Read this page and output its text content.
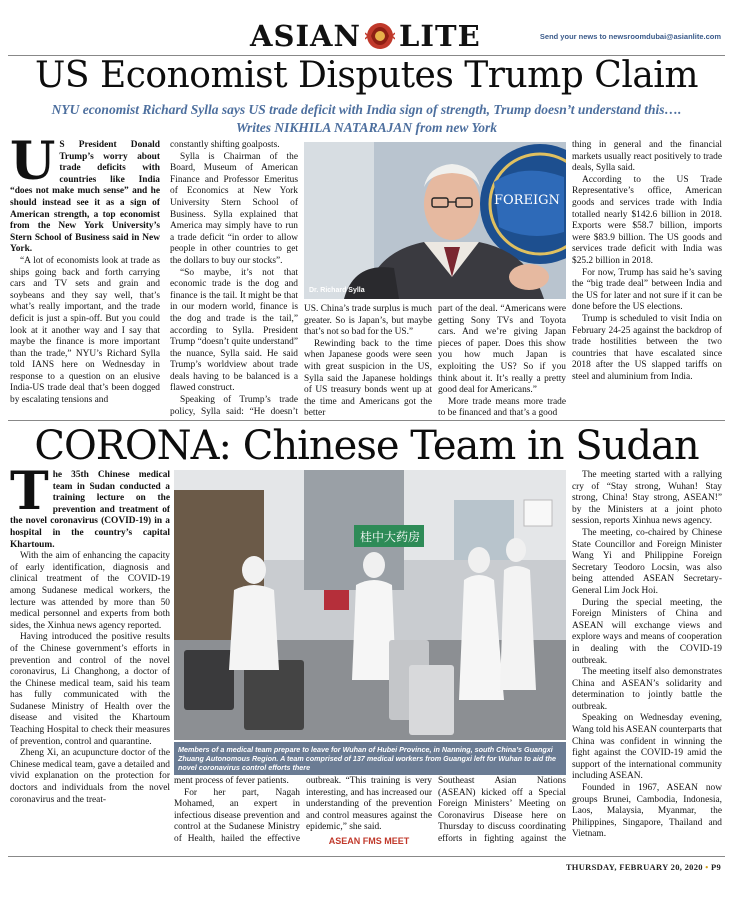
ASIAN LITE	Send your news to newsroomdubai@asianlite.com
US Economist Disputes Trump Claim
NYU economist Richard Sylla says US trade deficit with India sign of strength, Trump doesn’t understand this…. Writes NIKHILA NATARAJAN from new York

U S President Donald Trump’s worry about trade deficits with countries like India “does not make much sense” and he should instead see it as a sign of American strength, a top economist from the New York University’s Stern School of Business said in New York.

“A lot of economists look at trade as ships going back and forth carrying cars and TV sets and grain and soybeans and they say well, that’s what’s really important, and the trade deficit is just a spin-off. But you could look at it another way and I say that maybe the finance is more important than the trade,” NYU’s Richard Sylla told IANS here on Wednesday in response to a question on an elusive India-US trade deal that’s been dogged by escalating tensions and

constantly shifting goalposts.

Sylla is Chairman of the Board, Museum of American Finance and Professor Emeritus of Economics at New York University Stern School of Business. Sylla explained that America may simply have to run a trade deficit “in order to allow people in other countries to get the dollars to buy our stocks”.

“So maybe, it’s not that economic trade is the dog and finance is the tail. It might be that in our modern world, finance is the dog and trade is the tail,” according to Sylla. President Trump “doesn’t quite understand” the nuance, Sylla said. He said Trump’s worldview about trade deals having to be balanced is a flawed construct.

Speaking of Trump’s trade policy, Sylla said: “He doesn’t

FOREIGN
Dr. Richard Sylla

US. China’s trade surplus is much greater. So is Japan’s, but maybe that’s not so bad for the US.”

Rewinding back to the time when Japanese goods were seen with great suspicion in the US, Sylla said the Japanese holdings of US treasury bonds went up at the time and Americans got the better

part of the deal. “Americans were getting Sony TVs and Toyota cars. And we’re giving Japan pieces of paper. Does this show you how much Japan is exploiting the US? So if you think about it. It’s really a pretty good deal for Americans.”

More trade means more trade to be financed and that’s a good

thing in general and the financial markets usually react positively to trade deals, Sylla said.

According to the US Trade Representative’s office, American goods and services trade with India totalled nearly $142.6 billion in 2018. Exports were $58.7 billion, imports were $83.9 billion. The US goods and services trade deficit with India was $25.2 billion in 2018.

For now, Trump has said he’s saving the “big trade deal” between India and the US for later and not sure if it can be done before the US elections.

Trump is scheduled to visit India on February 24-25 against the backdrop of trade hostilities between the two countries that have escalated since 2018 after the US slapped tariffs on steel and aluminium from India.

CORONA: Chinese Team in Sudan

T he 35th Chinese medical team in Sudan conducted a training lecture on the prevention and treatment of the novel coronavirus (COVID-19) in a hospital in the country’s capital Khartoum.

With the aim of enhancing the capacity of early identification, diagnosis and clinical treatment of the COVID-19 among Sudanese medical workers, the lecture was attended by more than 50 medical personnel and experts from both sides, the Xinhua news agency reported.

Having introduced the positive results of the Chinese government’s efforts in prevention and control of the novel coronavirus, Li Changhong, a doctor of the Chinese medical team, said his team has fully communicated with the Sudanese Ministry of Health over the disease and visited the Khartoum Teaching Hospital to check their measures of prevention, control and quarantine.

Zheng Xi, an acupuncture doctor of the Chinese medical team, gave a detailed and vivid explanation on the protection for doctors and individuals from the novel coronavirus and the treat-

桂中大药房
Members of a medical team prepare to leave for Wuhan of Hubei Province, in Nanning, south China’s Guangxi Zhuang Autonomous Region. A team comprised of 137 medical workers from Guangxi left for Wuhan to aid the novel coronavirus control efforts there

ment process of fever patients.

For her part, Nagah Mohamed, an expert in infectious disease prevention and control at the Sudanese Ministry of Health, hailed the effective

outbreak. “This training is very interesting, and has increased our understanding of the prevention and control measures against the epidemic,” she said.

ASEAN FMS MEET

Southeast Asian Nations (ASEAN) kicked off a Special Foreign Ministers’ Meeting on Coronavirus Disease here on Thursday to discuss coordinating efforts in fighting against the

The meeting started with a rallying cry of “Stay strong, Wuhan! Stay strong, China! Stay strong, ASEAN!” by the Ministers at a joint photo session, reports Xinhua news agency.

The meeting, co-chaired by Chinese State Councillor and Foreign Minister Wang Yi and Philippine Foreign Secretary Teodoro Locsin, was also being attended ASEAN Secretary-General Lim Jock Hoi.

During the special meeting, the Foreign Ministers of China and ASEAN will exchange views and explore ways and means of cooperation in dealing with the COVID-19 outbreak.

The meeting itself also demonstrates China and ASEAN’s solidarity and determination to jointly battle the outbreak.

Speaking on Wednesday evening, Wang told his ASEAN counterparts that China was confident in winning the fight against the COVID-19 amid the support of the international community including ASEAN.

Founded in 1967, ASEAN now groups Brunei, Cambodia, Indonesia, Laos, Malaysia, Myanmar, the Philippines, Singapore, Thailand and Vietnam.

THURSDAY, FEBRUARY 20, 2020 • P9
